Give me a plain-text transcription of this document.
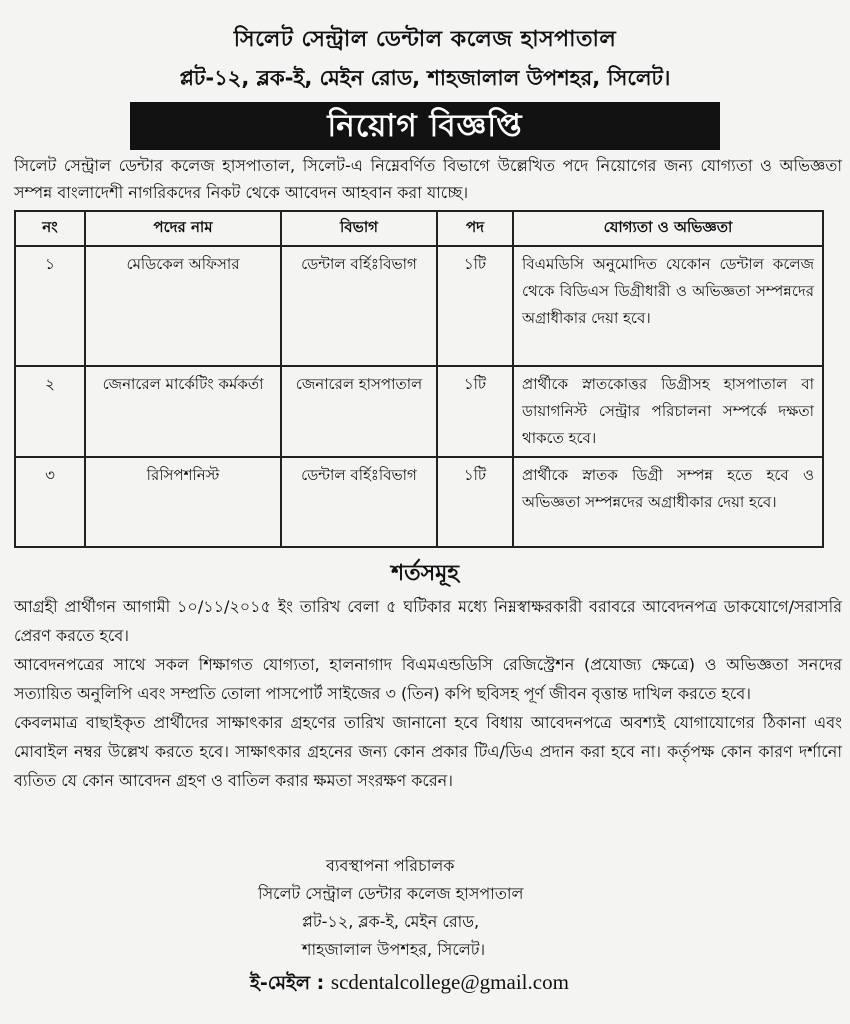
সিলেট সেন্ট্রাল ডেন্টাল কলেজ হাসপাতাল
প্লট-১২, ব্লক-ই, মেইন রোড, শাহজালাল উপশহর, সিলেট।
নিয়োগ বিজ্ঞপ্তি
সিলেট সেন্ট্রাল ডেন্টার কলেজ হাসপাতাল, সিলেট-এ নিম্নেবর্ণিত বিভাগে উল্লেখিত পদে নিয়োগের জন্য যোগ্যতা ও অভিজ্ঞতা সম্পন্ন বাংলাদেশী নাগরিকদের নিকট থেকে আবেদন আহবান করা যাচ্ছে।
নং	পদের নাম	বিভাগ	পদ	যোগ্যতা ও অভিজ্ঞতা
১	মেডিকেল অফিসার	ডেন্টাল বর্হিঃবিভাগ	১টি	বিএমডিসি অনুমোদিত যেকোন ডেন্টাল কলেজ থেকে বিডিএস ডিগ্রীধারী ও অভিজ্ঞতা সম্পন্নদের অগ্রাধীকার দেয়া হবে।
২	জেনারেল মার্কেটিং কর্মকর্তা	জেনারেল হাসপাতাল	১টি	প্রার্থীকে স্নাতকোত্তর ডিগ্রীসহ হাসপাতাল বা ডায়াগনিস্ট সেন্ট্রার পরিচালনা সম্পর্কে দক্ষতা থাকতে হবে।
৩	রিসিপশনিস্ট	ডেন্টাল বর্হিঃবিভাগ	১টি	প্রার্থীকে স্নাতক ডিগ্রী সম্পন্ন হতে হবে ও অভিজ্ঞতা সম্পন্নদের অগ্রাধীকার দেয়া হবে।
শর্তসমূহ

আগ্রহী প্রার্থীগন আগামী ১০/১১/২০১৫ ইং তারিখ বেলা ৫ ঘটিকার মধ্যে নিম্নস্বাক্ষরকারী বরাবরে আবেদনপত্র ডাকযোগে/সরাসরি প্রেরণ করতে হবে।

আবেদনপত্রের সাথে সকল শিক্ষাগত যোগ্যতা, হালনাগাদ বিএমএন্ডডিসি রেজিস্ট্রেশন (প্রযোজ্য ক্ষেত্রে) ও অভিজ্ঞতা সনদের সত্যায়িত অনুলিপি এবং সম্প্রতি তোলা পাসপোর্ট সাইজের ৩ (তিন) কপি ছবিসহ পূর্ণ জীবন বৃত্তান্ত দাখিল করতে হবে।

কেবলমাত্র বাছাইকৃত প্রার্থীদের সাক্ষাৎকার গ্রহণের তারিখ জানানো হবে বিধায় আবেদনপত্রে অবশ্যই যোগাযোগের ঠিকানা এবং মোবাইল নম্বর উল্লেখ করতে হবে। সাক্ষাৎকার গ্রহনের জন্য কোন প্রকার টিএ/ডিএ প্রদান করা হবে না। কর্তৃপক্ষ কোন কারণ দর্শানো ব্যতিত যে কোন আবেদন গ্রহণ ও বাতিল করার ক্ষমতা সংরক্ষণ করেন।

ব্যবস্থাপনা পরিচালক
সিলেট সেন্ট্রাল ডেন্টার কলেজ হাসপাতাল
প্লট-১২, ব্লক-ই, মেইন রোড,
শাহজালাল উপশহর, সিলেট।
ই-মেইল : scdentalcollege@gmail.com
